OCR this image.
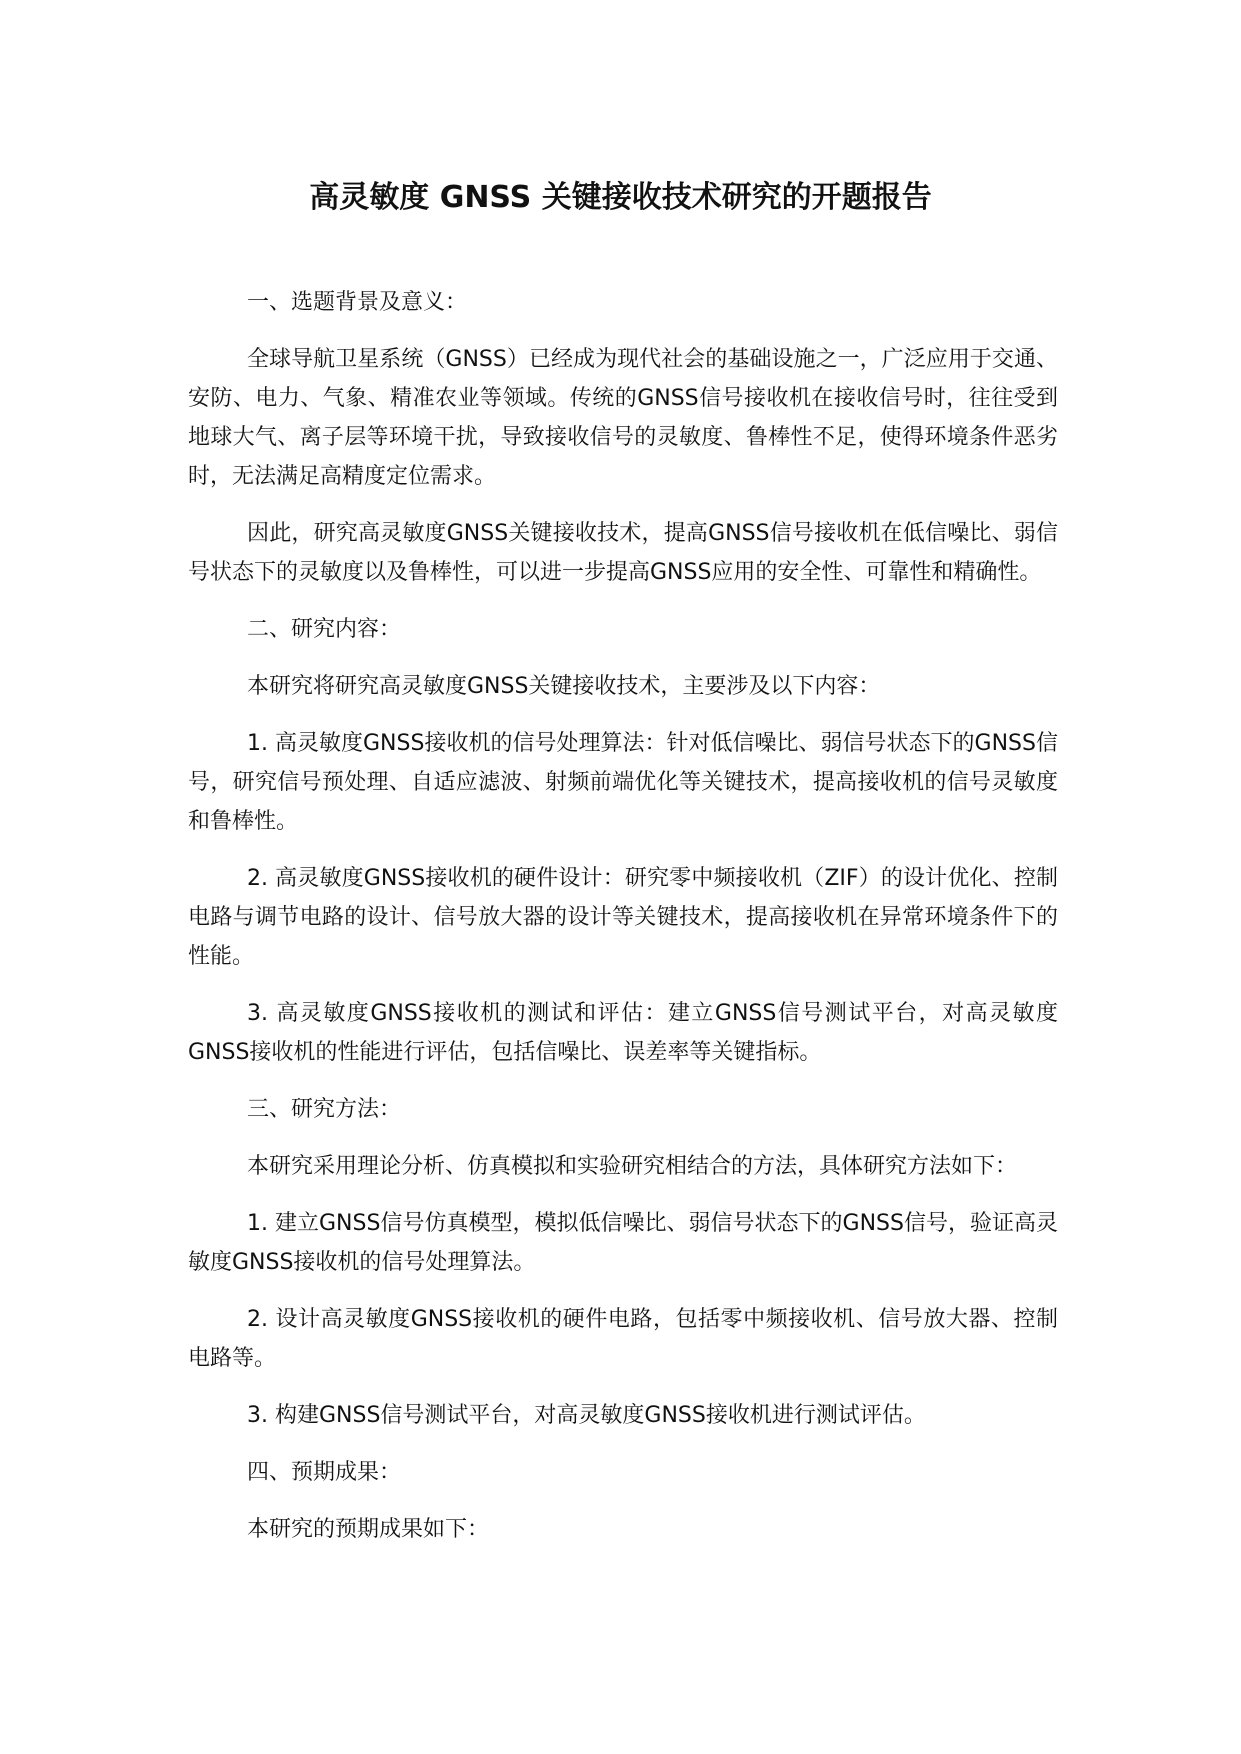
高灵敏度 GNSS 关键接收技术研究的开题报告

一、选题背景及意义：

全球导航卫星系统（GNSS）已经成为现代社会的基础设施之一，广泛应用于交通、安防、电力、气象、精准农业等领域。传统的GNSS信号接收机在接收信号时，往往受到地球大气、离子层等环境干扰，导致接收信号的灵敏度、鲁棒性不足，使得环境条件恶劣时，无法满足高精度定位需求。

因此，研究高灵敏度GNSS关键接收技术，提高GNSS信号接收机在低信噪比、弱信号状态下的灵敏度以及鲁棒性，可以进一步提高GNSS应用的安全性、可靠性和精确性。

二、研究内容：

本研究将研究高灵敏度GNSS关键接收技术，主要涉及以下内容：

1. 高灵敏度GNSS接收机的信号处理算法：针对低信噪比、弱信号状态下的GNSS信号，研究信号预处理、自适应滤波、射频前端优化等关键技术，提高接收机的信号灵敏度和鲁棒性。

2. 高灵敏度GNSS接收机的硬件设计：研究零中频接收机（ZIF）的设计优化、控制电路与调节电路的设计、信号放大器的设计等关键技术，提高接收机在异常环境条件下的性能。

3. 高灵敏度GNSS接收机的测试和评估：建立GNSS信号测试平台，对高灵敏度GNSS接收机的性能进行评估，包括信噪比、误差率等关键指标。

三、研究方法：

本研究采用理论分析、仿真模拟和实验研究相结合的方法，具体研究方法如下：

1. 建立GNSS信号仿真模型，模拟低信噪比、弱信号状态下的GNSS信号，验证高灵敏度GNSS接收机的信号处理算法。

2. 设计高灵敏度GNSS接收机的硬件电路，包括零中频接收机、信号放大器、控制电路等。

3. 构建GNSS信号测试平台，对高灵敏度GNSS接收机进行测试评估。

四、预期成果：

本研究的预期成果如下：
